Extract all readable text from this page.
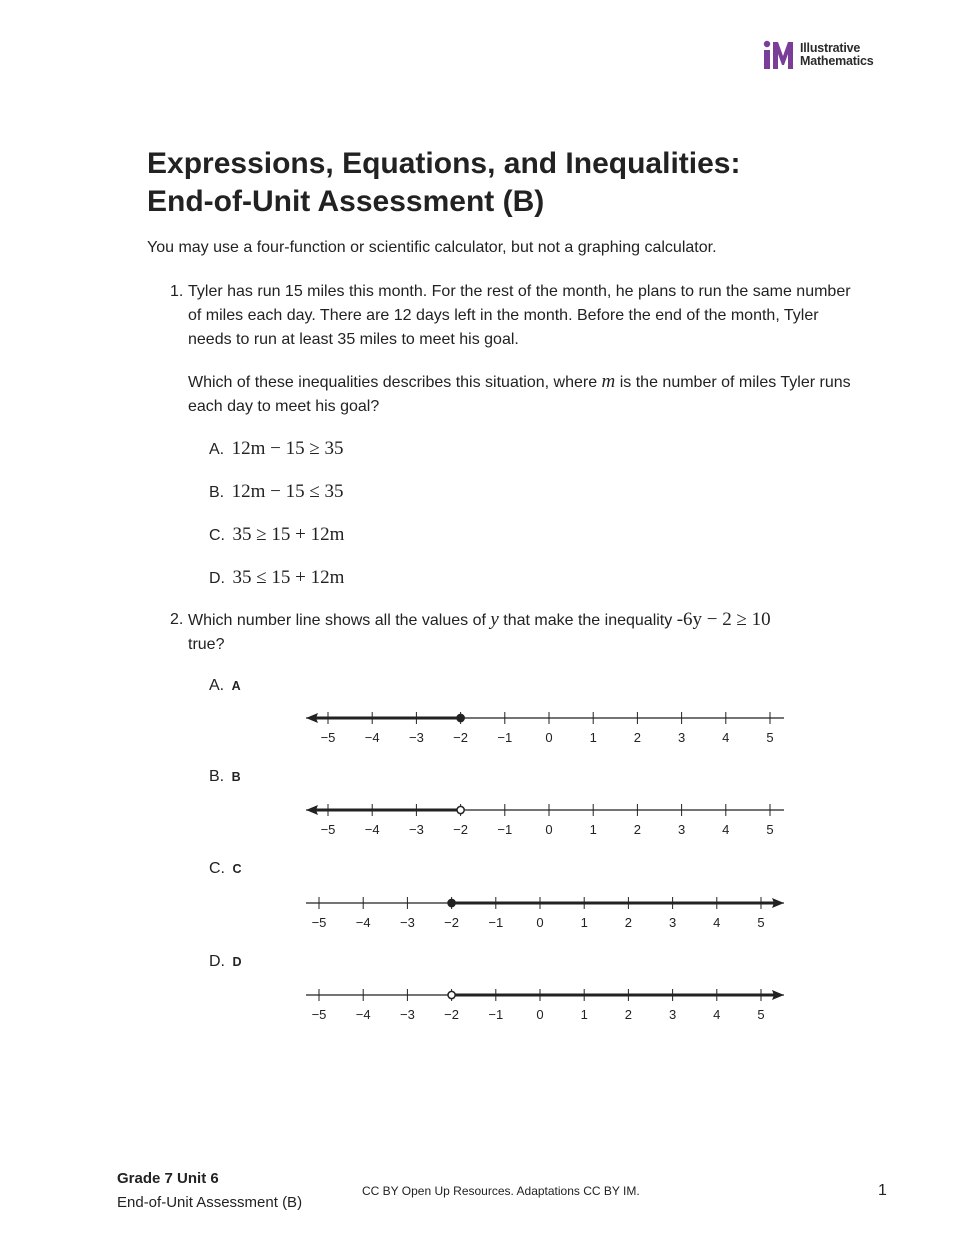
Illustrative
Mathematics
Expressions, Equations, and Inequalities:
End-of-Unit Assessment (B)
You may use a four-function or scientific calculator, but not a graphing calculator.
1. Tyler has run 15 miles this month. For the rest of the month, he plans to run the same number of miles each day. There are 12 days left in the month. Before the end of the month, Tyler needs to run at least 35 miles to meet his goal.

Which of these inequalities describes this situation, where m is the number of miles Tyler runs each day to meet his goal?

A. 12m − 15 ≥ 35
B. 12m − 15 ≤ 35
C. 35 ≥ 15 + 12m
D. 35 ≤ 15 + 12m
2. Which number line shows all the values of y that make the inequality -6y − 2 ≥ 10
true?

A. A
B. B
C. C
D. D
−5 −4 −3 −2 −1	0	1	2	3	4	5
−5 −4 −3 −2 −1	0	1	2	3	4	5
−5 −4 −3 −2 −1	0	1	2	3	4	5
−5 −4 −3 −2 −1	0	1	2	3	4	5
Grade 7 Unit 6
End-of-Unit Assessment (B)
CC BY Open Up Resources. Adaptations CC BY IM.	1
